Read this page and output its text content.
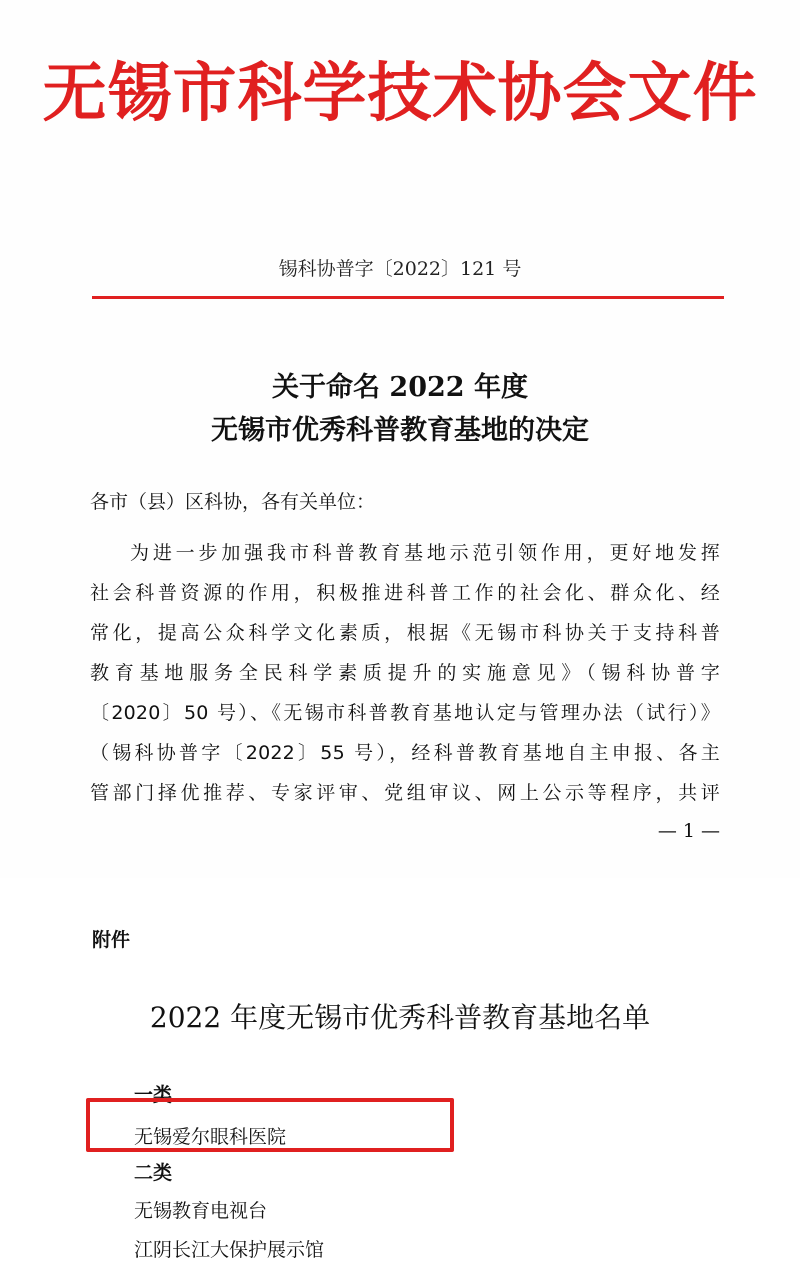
无锡市科学技术协会文件
锡科协普字〔2022〕121 号
关于命名 2022 年度
无锡市优秀科普教育基地的决定
各市（县）区科协，各有关单位：
为进一步加强我市科普教育基地示范引领作用，更好地发挥
社会科普资源的作用，积极推进科普工作的社会化、群众化、经
常化，提高公众科学文化素质，根据《无锡市科协关于支持科普
教育基地服务全民科学素质提升的实施意见》（锡科协普字
〔2020〕50 号）、《无锡市科普教育基地认定与管理办法（试行）》
（锡科协普字〔2022〕55 号），经科普教育基地自主申报、各主
管部门择优推荐、专家评审、党组审议、网上公示等程序，共评
— 1 —
附件
2022 年度无锡市优秀科普教育基地名单
一类
无锡爱尔眼科医院
二类
无锡教育电视台
江阴长江大保护展示馆
